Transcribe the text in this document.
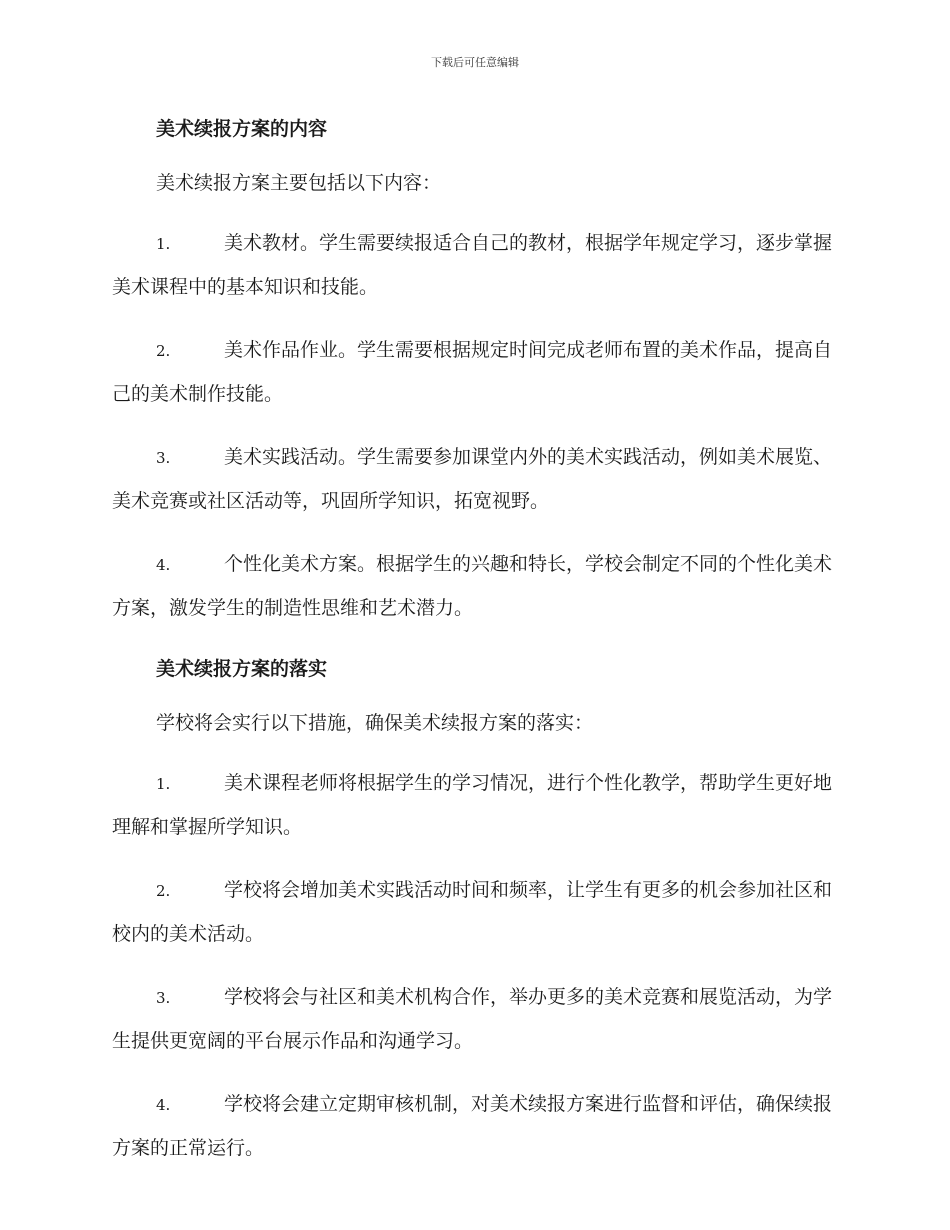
下载后可任意编辑
美术续报方案的内容
美术续报方案主要包括以下内容：
1.	美术教材。学生需要续报适合自己的教材，根据学年规定学习，逐步掌握美术课程中的基本知识和技能。
2.	美术作品作业。学生需要根据规定时间完成老师布置的美术作品，提高自己的美术制作技能。
3.	美术实践活动。学生需要参加课堂内外的美术实践活动，例如美术展览、美术竞赛或社区活动等，巩固所学知识，拓宽视野。
4.	个性化美术方案。根据学生的兴趣和特长，学校会制定不同的个性化美术方案，激发学生的制造性思维和艺术潜力。
美术续报方案的落实
学校将会实行以下措施，确保美术续报方案的落实：
1.	美术课程老师将根据学生的学习情况，进行个性化教学，帮助学生更好地理解和掌握所学知识。
2.	学校将会增加美术实践活动时间和频率，让学生有更多的机会参加社区和校内的美术活动。
3.	学校将会与社区和美术机构合作，举办更多的美术竞赛和展览活动，为学生提供更宽阔的平台展示作品和沟通学习。
4.	学校将会建立定期审核机制，对美术续报方案进行监督和评估，确保续报方案的正常运行。
